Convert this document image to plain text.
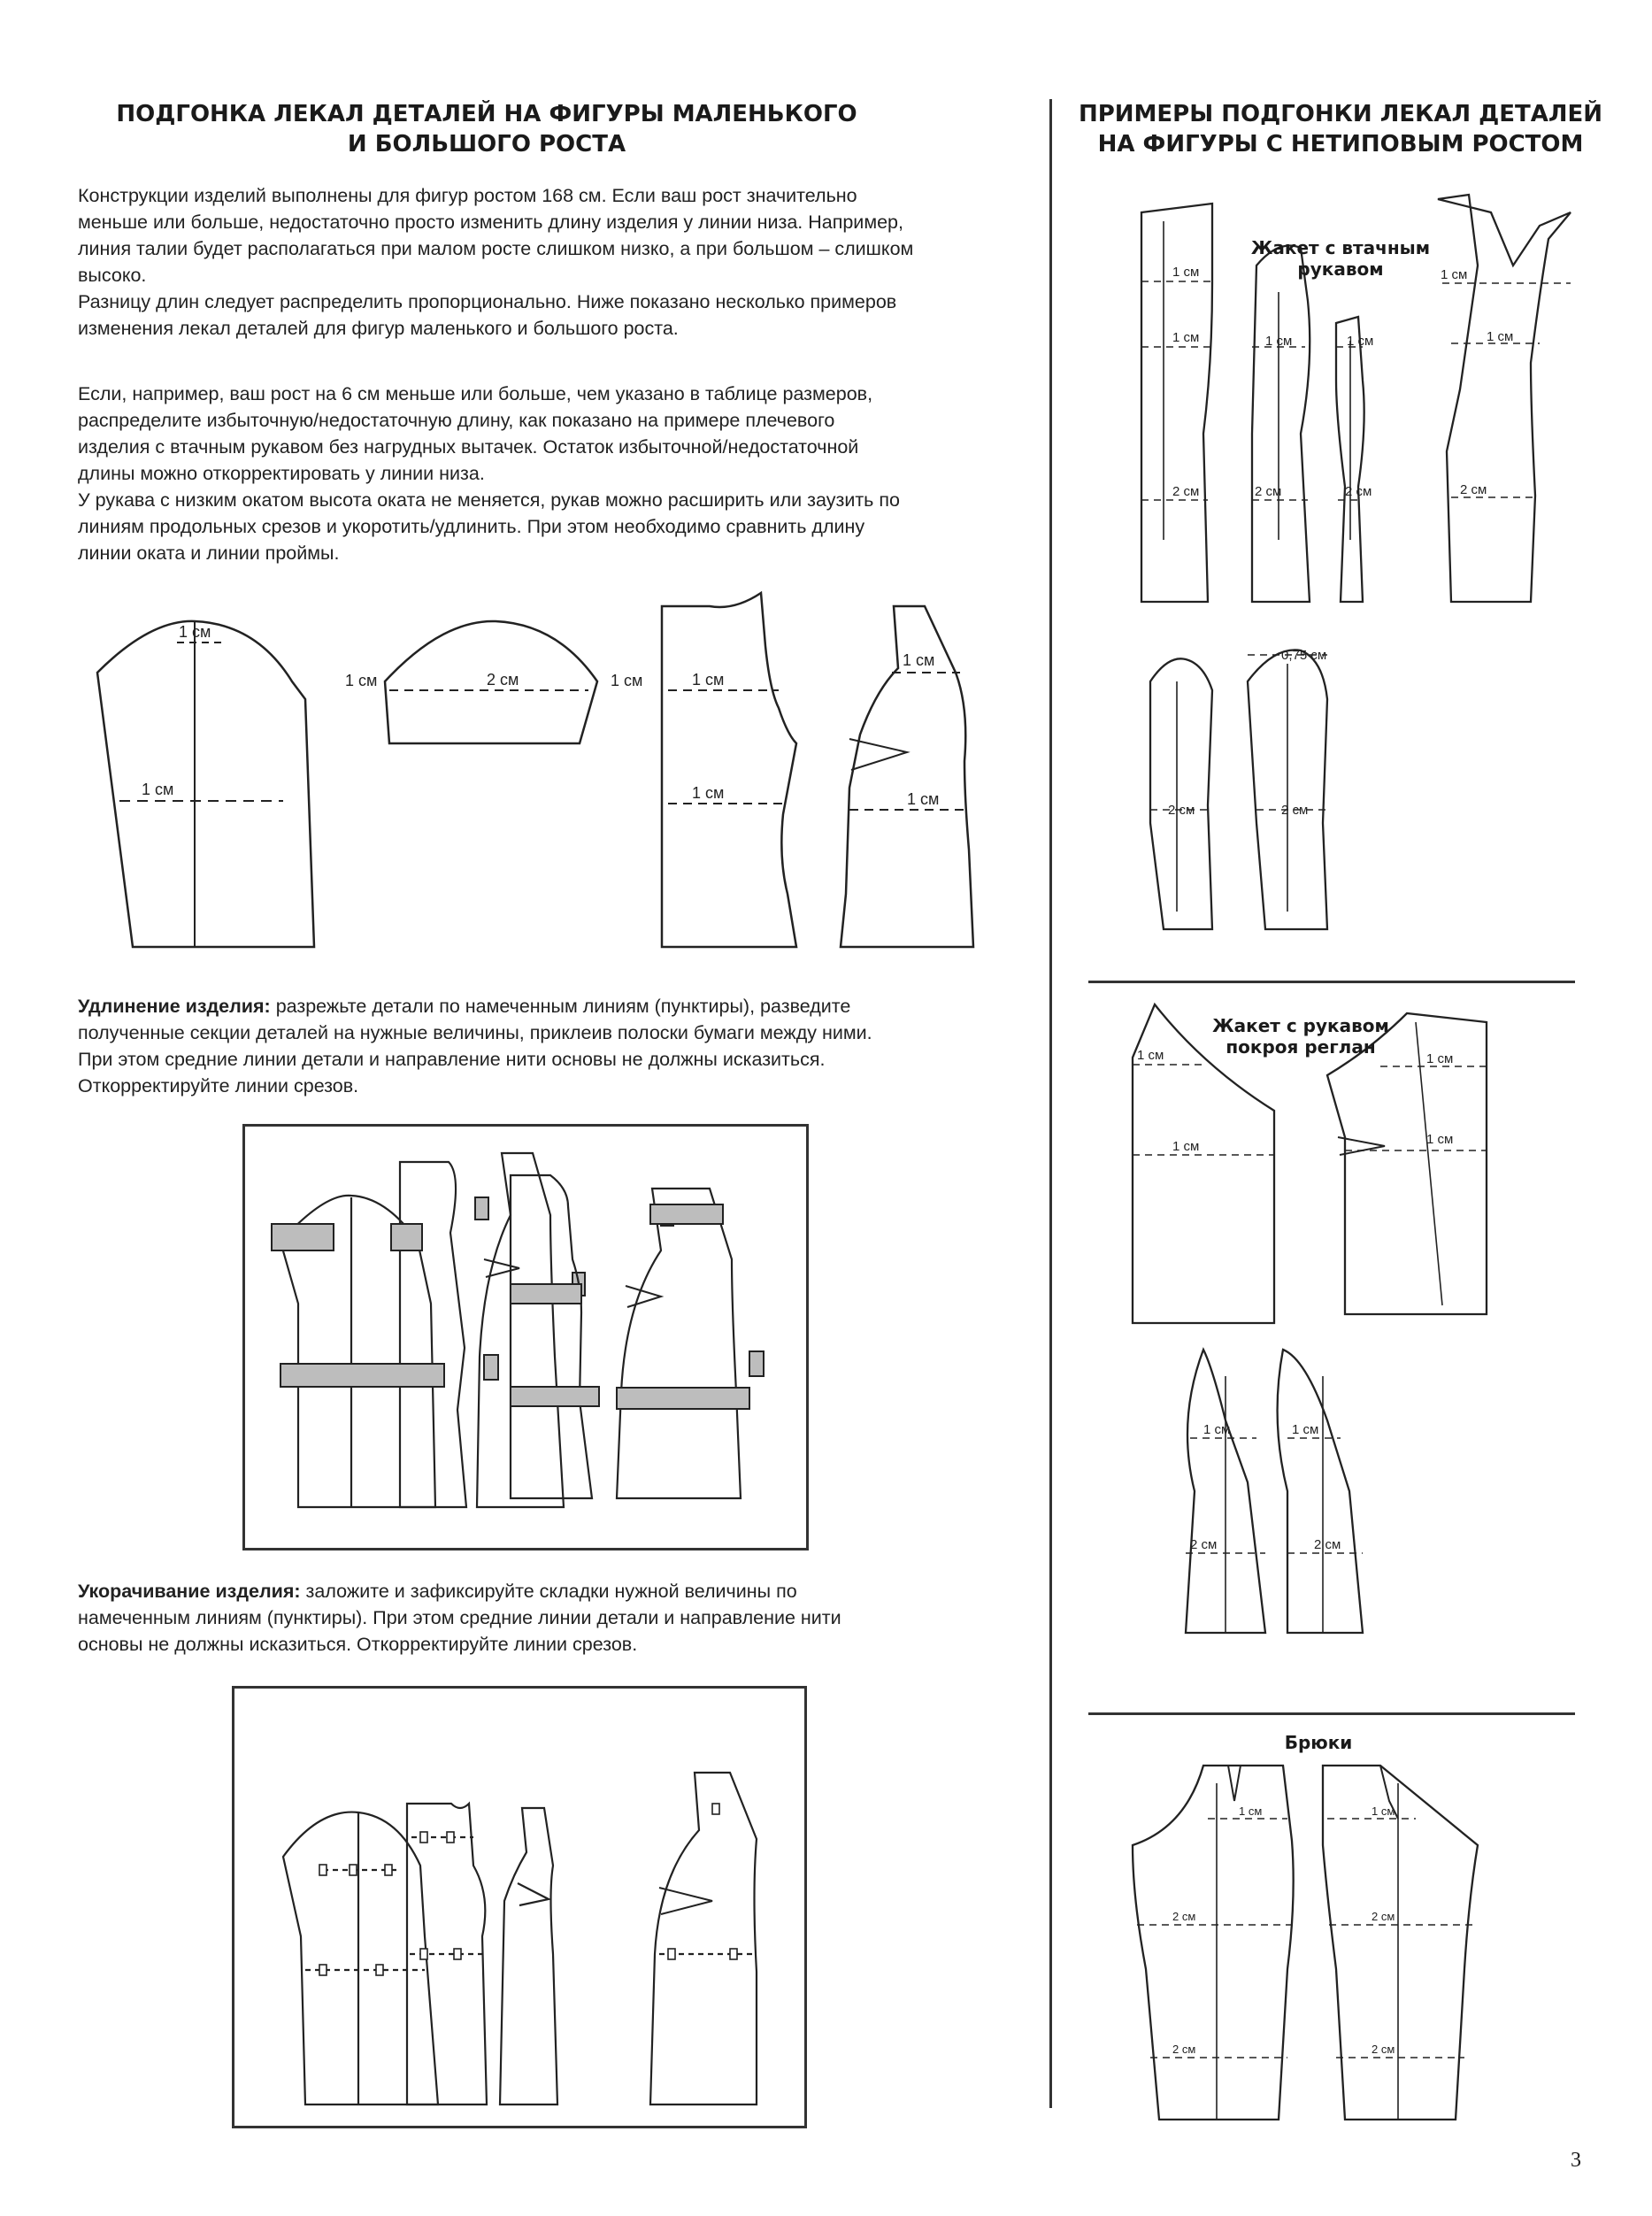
ПОДГОНКА ЛЕКАЛ ДЕТАЛЕЙ НА ФИГУРЫ МАЛЕНЬКОГО
И БОЛЬШОГО РОСТА
Конструкции изделий выполнены для фигур ростом 168 см. Если ваш рост значительно
меньше или больше, недостаточно просто изменить длину изделия у линии низа. Например,
линия талии будет располагаться при малом росте слишком низко, а при большом – слишком
высоко.
Разницу длин следует распределить пропорционально. Ниже показано несколько примеров
изменения лекал деталей для фигур маленького и большого роста.
Если, например, ваш рост на 6 см меньше или больше, чем указано в таблице размеров,
распределите избыточную/недостаточную длину, как показано на примере плечевого
изделия с втачным рукавом без нагрудных вытачек. Остаток избыточной/недостаточной
длины можно откорректировать у линии низа.
У рукава с низким окатом высота оката не меняется, рукав можно расширить или заузить по
линиям продольных срезов и укоротить/удлинить. При этом необходимо сравнить длину
линии оката и линии проймы.
1 см
1 см
1 см	2 см	1 см	1 см
1 см
1 см
1 см
Удлинение изделия: разрежьте детали по намеченным линиям (пунктиры), разведите
полученные секции деталей на нужные величины, приклеив полоски бумаги между ними.
При этом средние линии детали и направление нити основы не должны исказиться.
Откорректируйте линии срезов.
Укорачивание изделия: заложите и зафиксируйте складки нужной величины по
намеченным линиям (пунктиры). При этом средние линии детали и направление нити
основы не должны исказиться. Откорректируйте линии срезов.
ПРИМЕРЫ ПОДГОНКИ ЛЕКАЛ ДЕТАЛЕЙ
НА ФИГУРЫ С НЕТИПОВЫМ РОСТОМ
1 см
1 см
2 см
1 см
2 см
1 см
2 см
1 см
1 см
2 см
0,75 см
2 см	2 см
Жакет с втачным
рукавом
1 см
1 см
1 см
1 см
1 см
2 см
1 см
2 см
Жакет с рукавом
покроя реглан
Брюки
1 см
2 см
2 см
1 см
2 см
2 см
3
